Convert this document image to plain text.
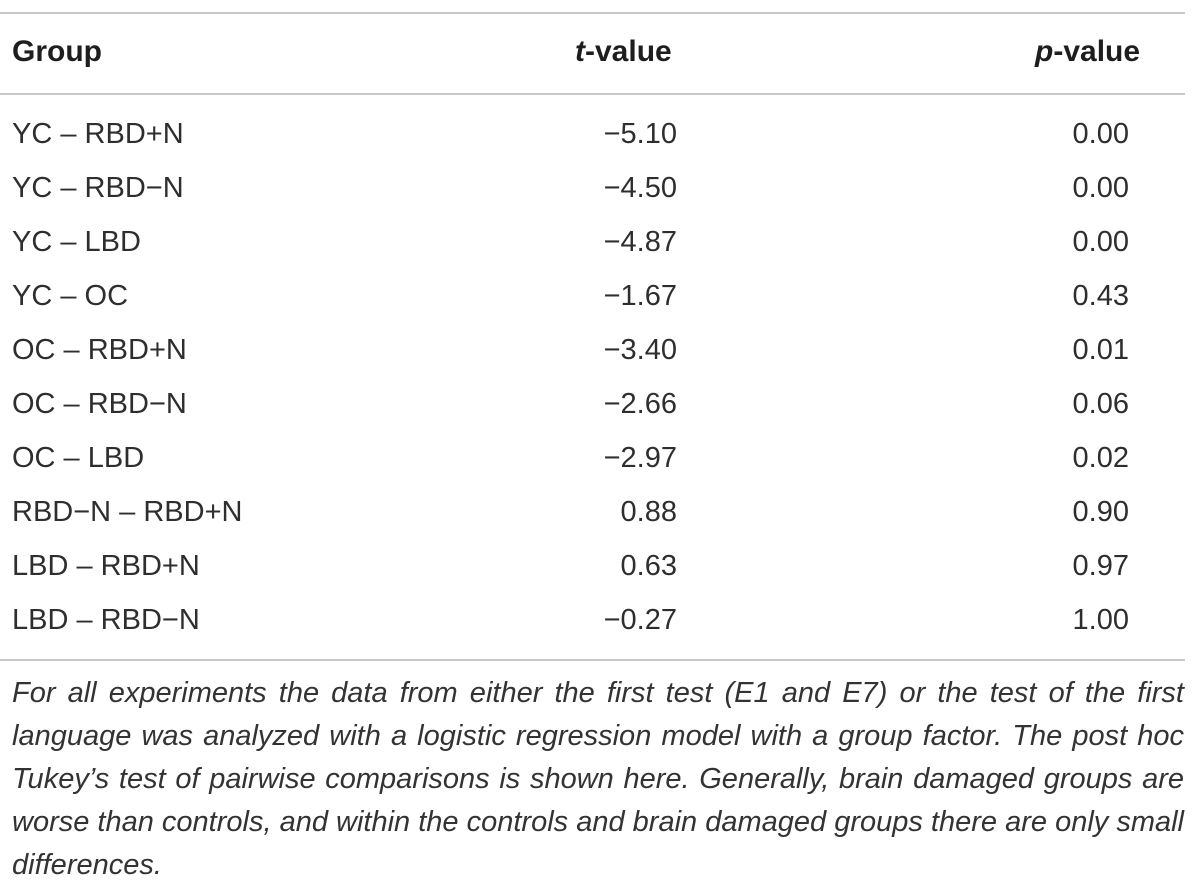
Group	t-value	p-value
YC – RBD+N	−5.10	0.00
YC – RBD−N	−4.50	0.00
YC – LBD	−4.87	0.00
YC – OC	−1.67	0.43
OC – RBD+N	−3.40	0.01
OC – RBD−N	−2.66	0.06
OC – LBD	−2.97	0.02
RBD−N – RBD+N	0.88	0.90
LBD – RBD+N	0.63	0.97
LBD – RBD−N	−0.27	1.00
For all experiments the data from either the first test (E1 and E7) or the test of the first language was analyzed with a logistic regression model with a group factor. The post hoc Tukey’s test of pairwise comparisons is shown here. Generally, brain damaged groups are worse than controls, and within the controls and brain damaged groups there are only small differences.
